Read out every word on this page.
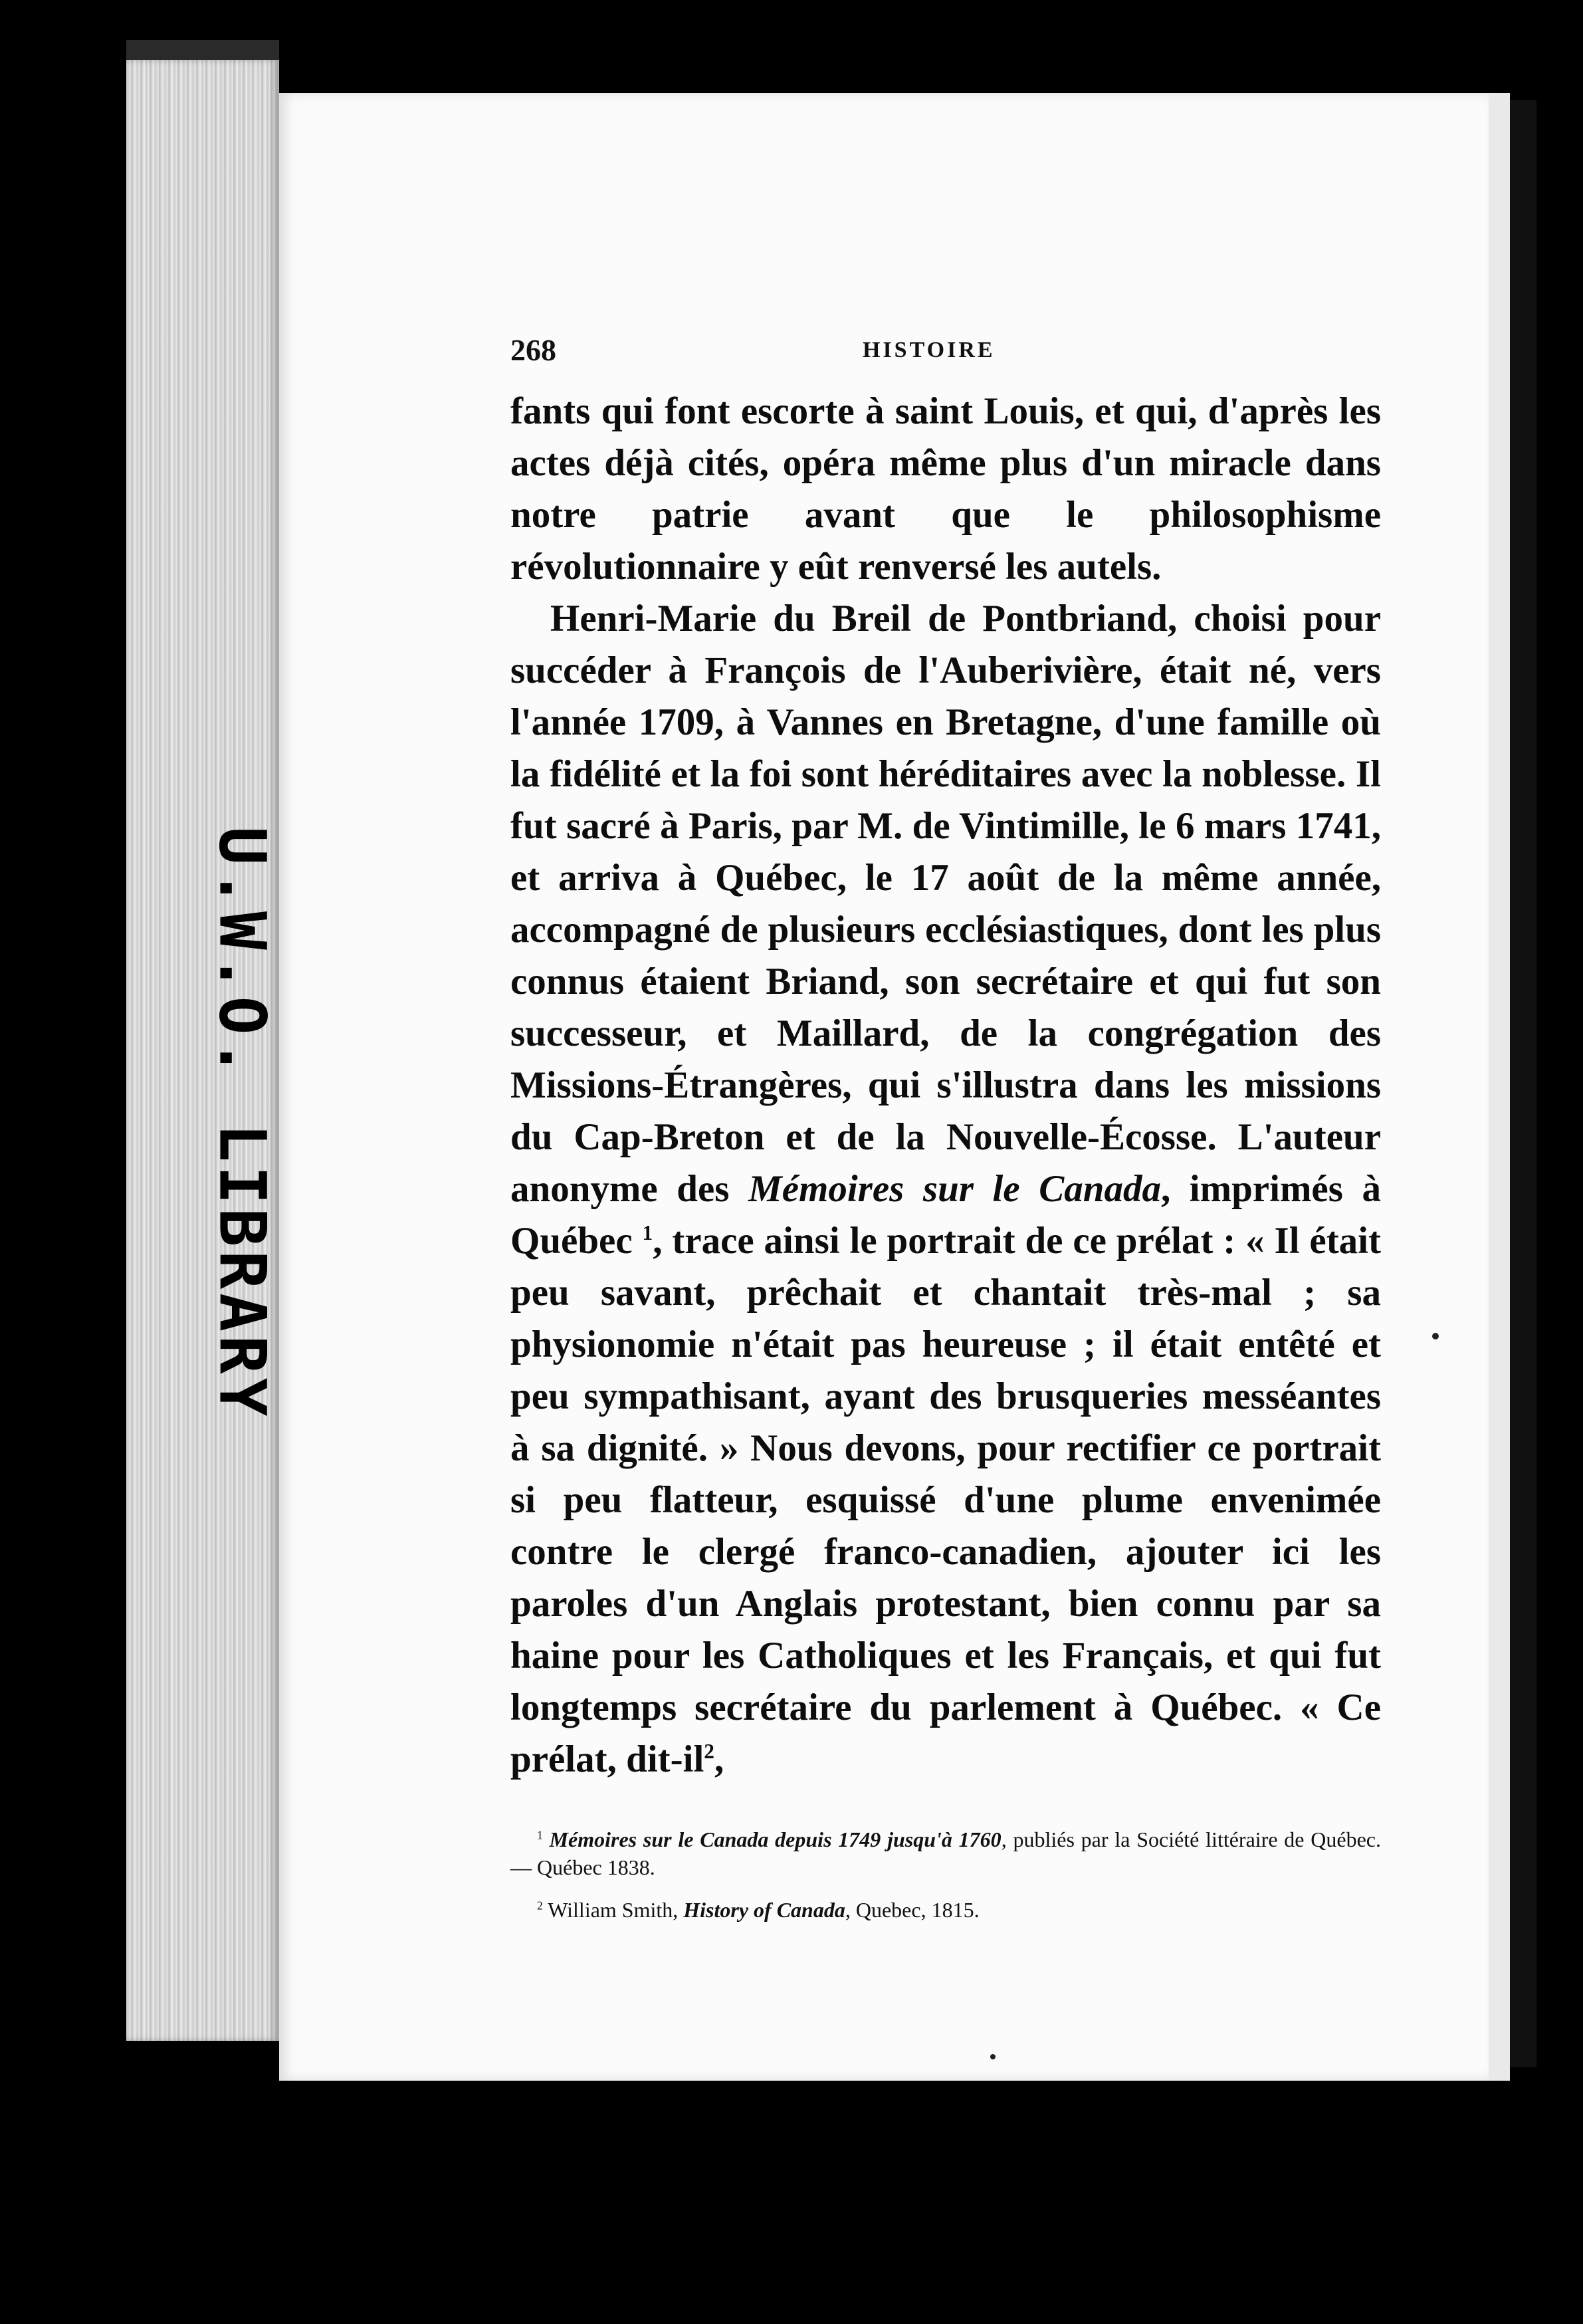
U.W.O. LIBRARY
268	HISTOIRE

fants qui font escorte à saint Louis, et qui, d'après les actes déjà cités, opéra même plus d'un miracle dans notre patrie avant que le philosophisme révolutionnaire y eût renversé les autels.

Henri-Marie du Breil de Pontbriand, choisi pour succéder à François de l'Auberivière, était né, vers l'année 1709, à Vannes en Bretagne, d'une famille où la fidélité et la foi sont héréditaires avec la noblesse. Il fut sacré à Paris, par M. de Vintimille, le 6 mars 1741, et arriva à Québec, le 17 août de la même année, accompagné de plusieurs ecclésiastiques, dont les plus connus étaient Briand, son secrétaire et qui fut son successeur, et Maillard, de la congrégation des Missions-Étrangères, qui s'illustra dans les missions du Cap-Breton et de la Nouvelle-Écosse. L'auteur anonyme des Mémoires sur le Canada, imprimés à Québec $^1$, trace ainsi le portrait de ce prélat : « Il était peu savant, prêchait et chantait très-mal ; sa physionomie n'était pas heureuse ; il était entêté et peu sympathisant, ayant des brusqueries messéantes à sa dignité. » Nous devons, pour rectifier ce portrait si peu flatteur, esquissé d'une plume envenimée contre le clergé franco-canadien, ajouter ici les paroles d'un Anglais protestant, bien connu par sa haine pour les Catholiques et les Français, et qui fut longtemps secrétaire du parlement à Québec. « Ce prélat, dit-$il^2$,

$^1$ Mémoires sur le Canada depuis 1749 jusqu'à 1760, publiés par la Société littéraire de Québec. — Québec 1838.

$^2$ William Smith, History of Canada, Quebec, 1815.
